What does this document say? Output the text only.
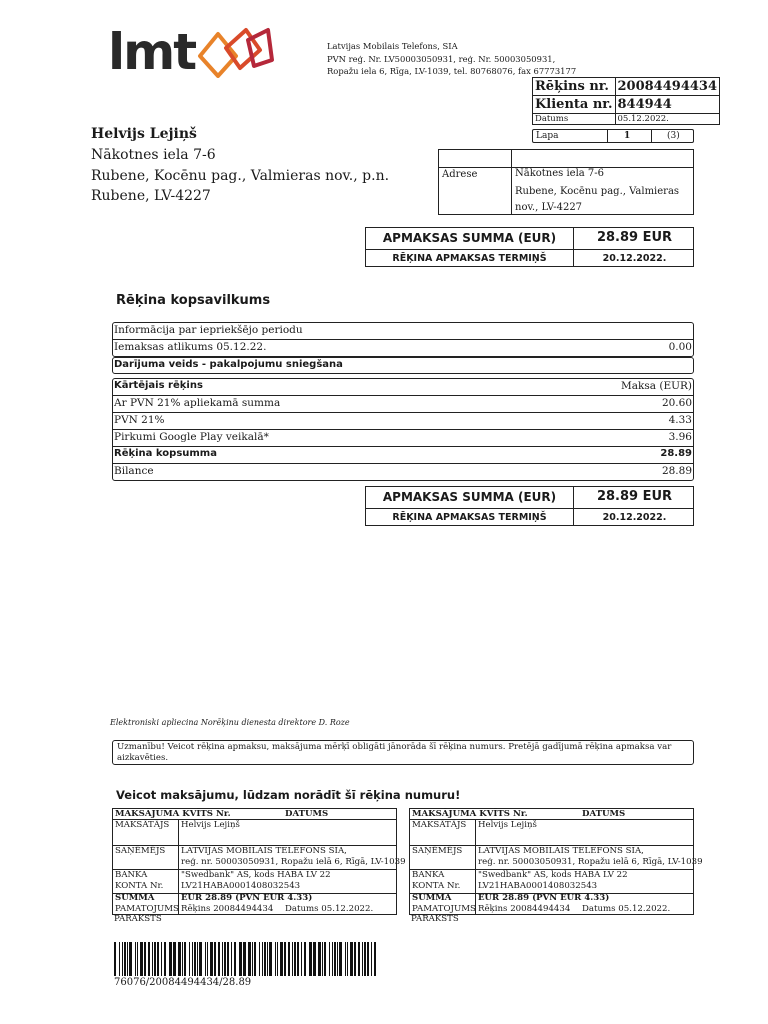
lmt	Latvijas Mobilais Telefons, SIA
PVN reģ. Nr. LV50003050931, reģ. Nr. 50003050931,
Ropažu iela 6, Rīga, LV-1039, tel. 80768076, fax 67773177
Rēķins nr.	20084494434
Klienta nr.	844944
Datums	05.12.2022.
Lapa	1	(3)
Helvijs Lejiņš
Nākotnes iela 7-6
Rubene, Kocēnu pag., Valmieras nov., p.n.
Rubene, LV-4227
Adrese	Nākotnes iela 7-6
Rubene, Kocēnu pag., Valmieras nov., LV-4227
APMAKSAS SUMMA (EUR)	28.89 EUR
RĒĶINA APMAKSAS TERMIŅŠ	20.12.2022.
Rēķina kopsavilkums
Informācija par iepriekšējo periodu
Iemaksas atlikums 05.12.22.	0.00
Darījuma veids - pakalpojumu sniegšana
Kārtējais rēķins	Maksa (EUR)
Ar PVN 21% apliekamā summa	20.60
PVN 21%	4.33
Pirkumi Google Play veikalā*	3.96
Rēķina kopsumma	28.89
Bilance	28.89
APMAKSAS SUMMA (EUR)	28.89 EUR
RĒĶINA APMAKSAS TERMIŅŠ	20.12.2022.
Elektroniski apliecina Norēķinu dienesta direktore D. Roze
Uzmanību! Veicot rēķina apmaksu, maksājuma mērķī obligāti jānorāda šī rēķina numurs. Pretējā gadījumā rēķina apmaksa var aizkavēties.
Veicot maksājumu, lūdzam norādīt šī rēķina numuru!
MAKSĀJUMA KVĪTS Nr.	DATUMS
MAKSĀTĀJS Helvijs Lejiņš
SAŅĒMĒJS LATVIJAS MOBILAIS TELEFONS SIA,
reģ. nr. 50003050931, Ropažu ielā 6, Rīgā, LV-1039
BANKA	"Swedbank" AS, kods HABA LV 22
KONTA Nr. LV21HABA0001408032543
SUMMA	EUR 28.89 (PVN EUR 4.33)
PAMATOJUMS Rēķins 20084494434 Datums 05.12.2022.
PARAKSTS
MAKSĀJUMA KVĪTS Nr.	DATUMS
MAKSĀTĀJS Helvijs Lejiņš
SAŅĒMĒJS LATVIJAS MOBILAIS TELEFONS SIA,
reģ. nr. 50003050931, Ropažu ielā 6, Rīgā, LV-1039
BANKA	"Swedbank" AS, kods HABA LV 22
KONTA Nr. LV21HABA0001408032543
SUMMA	EUR 28.89 (PVN EUR 4.33)
PAMATOJUMS Rēķins 20084494434 Datums 05.12.2022.
PARAKSTS
76076/20084494434/28.89
